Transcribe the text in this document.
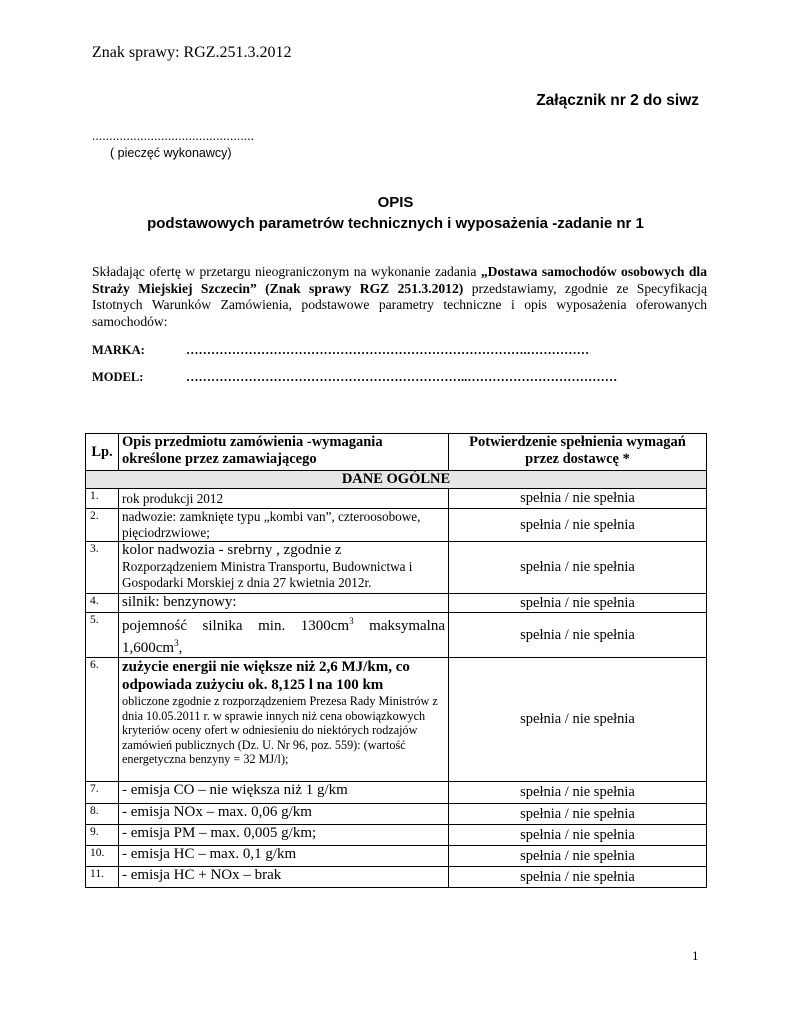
Znak sprawy: RGZ.251.3.2012
Załącznik nr 2 do siwz
...............................................
( pieczęć wykonawcy)
OPIS
podstawowych parametrów technicznych i wyposażenia -zadanie nr 1
Składając ofertę w przetargu nieograniczonym na wykonanie zadania „Dostawa samochodów osobowych dla Straży Miejskiej Szczecin” (Znak sprawy RGZ 251.3.2012) przedstawiamy, zgodnie ze Specyfikacją Istotnych Warunków Zamówienia, podstawowe parametry techniczne i opis wyposażenia oferowanych samochodów:
MARKA:	……………………………………………………………………….……………
MODEL:	…………………………………………………………..………………………………
Lp.	Opis przedmiotu zamówienia -wymagania określone przez zamawiającego	Potwierdzenie spełnienia wymagań przez dostawcę *
DANE OGÓLNE		
1.	rok produkcji 2012	spełnia / nie spełnia
2.	nadwozie: zamknięte typu „kombi van”, czteroosobowe, pięciodrzwiowe;	spełnia / nie spełnia
3.	kolor nadwozia - srebrny , zgodnie z
Rozporządzeniem Ministra Transportu, Budownictwa i Gospodarki Morskiej z dnia 27 kwietnia 2012r.	spełnia / nie spełnia
4.	silnik: benzynowy:	spełnia / nie spełnia
5.	pojemność silnika min. $1300cm^3$ maksymalna $1,600cm^3$,	spełnia / nie spełnia
6.	zużycie energii nie większe niż 2,6 MJ/km, co odpowiada zużyciu ok. 8,125 l na 100 km
obliczone zgodnie z rozporządzeniem Prezesa Rady Ministrów z dnia 10.05.2011 r. w sprawie innych niż cena obowiązkowych kryteriów oceny ofert w odniesieniu do niektórych rodzajów zamówień publicznych (Dz. U. Nr 96, poz. 559): (wartość energetyczna benzyny = 32 MJ/l);	spełnia / nie spełnia
7.	- emisja CO – nie większa niż 1 g/km	spełnia / nie spełnia
8.	- emisja NOx – max. 0,06 g/km	spełnia / nie spełnia
9.	- emisja PM – max. 0,005 g/km;	spełnia / nie spełnia
10.	- emisja HC – max. 0,1 g/km	spełnia / nie spełnia
11.	- emisja HC + NOx – brak	spełnia / nie spełnia
1
